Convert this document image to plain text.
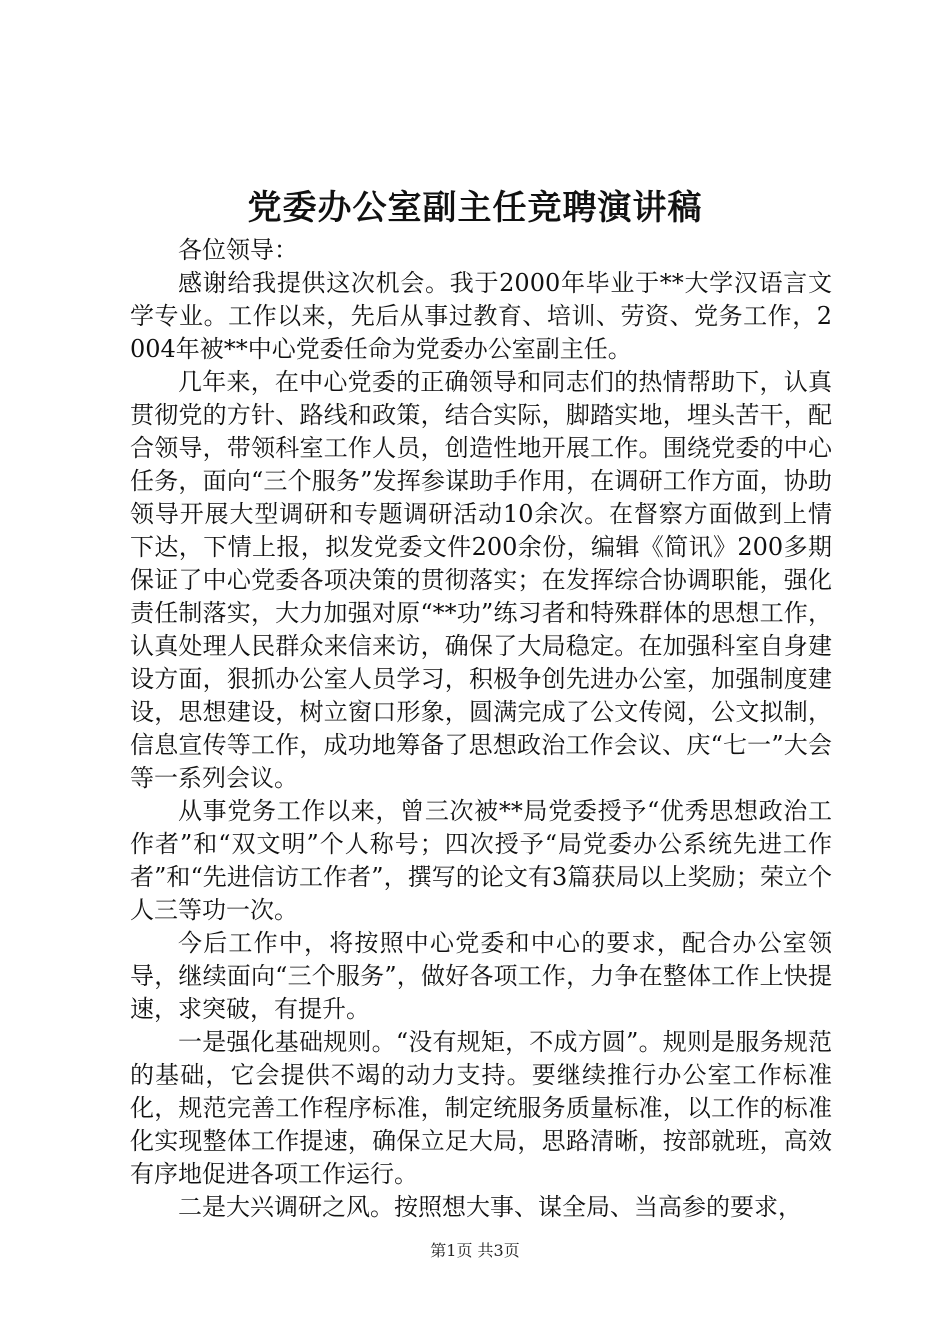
党委办公室副主任竞聘演讲稿

各位领导：

感谢给我提供这次机会。我于2000年毕业于**大学汉语言文学专业。工作以来，先后从事过教育、培训、劳资、党务工作，2004年被**中心党委任命为党委办公室副主任。

几年来，在中心党委的正确领导和同志们的热情帮助下，认真贯彻党的方针、路线和政策，结合实际，脚踏实地，埋头苦干，配合领导，带领科室工作人员，创造性地开展工作。围绕党委的中心任务，面向“三个服务”发挥参谋助手作用，在调研工作方面，协助领导开展大型调研和专题调研活动10余次。在督察方面做到上情下达，下情上报，拟发党委文件200余份，编辑《简讯》200多期保证了中心党委各项决策的贯彻落实；在发挥综合协调职能，强化责任制落实，大力加强对原“**功”练习者和特殊群体的思想工作，认真处理人民群众来信来访，确保了大局稳定。在加强科室自身建设方面，狠抓办公室人员学习，积极争创先进办公室，加强制度建设，思想建设，树立窗口形象，圆满完成了公文传阅，公文拟制，信息宣传等工作，成功地筹备了思想政治工作会议、庆“七一”大会等一系列会议。

从事党务工作以来，曾三次被**局党委授予“优秀思想政治工作者”和“双文明”个人称号；四次授予“局党委办公系统先进工作者”和“先进信访工作者”，撰写的论文有3篇获局以上奖励；荣立个人三等功一次。

今后工作中，将按照中心党委和中心的要求，配合办公室领导，继续面向“三个服务”，做好各项工作，力争在整体工作上快提速，求突破，有提升。

一是强化基础规则。“没有规矩，不成方圆”。规则是服务规范的基础，它会提供不竭的动力支持。要继续推行办公室工作标准化，规范完善工作程序标准，制定统服务质量标准，以工作的标准化实现整体工作提速，确保立足大局，思路清晰，按部就班，高效有序地促进各项工作运行。

二是大兴调研之风。按照想大事、谋全局、当高参的要求，

第1页 共3页
